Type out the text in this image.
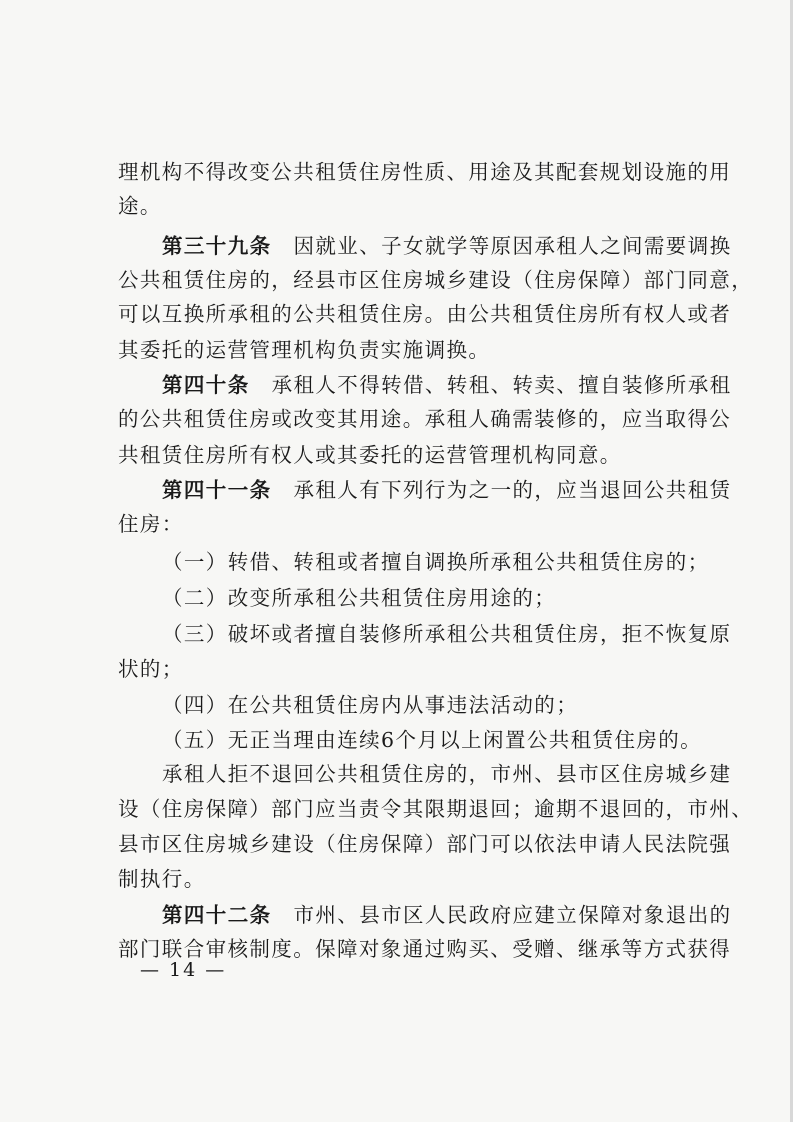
理机构不得改变公共租赁住房性质、用途及其配套规划设施的用
途。
第三十九条 因就业、子女就学等原因承租人之间需要调换
公共租赁住房的，经县市区住房城乡建设（住房保障）部门同意，
可以互换所承租的公共租赁住房。由公共租赁住房所有权人或者
其委托的运营管理机构负责实施调换。
第四十条 承租人不得转借、转租、转卖、擅自装修所承租
的公共租赁住房或改变其用途。承租人确需装修的，应当取得公
共租赁住房所有权人或其委托的运营管理机构同意。
第四十一条 承租人有下列行为之一的，应当退回公共租赁
住房：
（一）转借、转租或者擅自调换所承租公共租赁住房的；
（二）改变所承租公共租赁住房用途的；
（三）破坏或者擅自装修所承租公共租赁住房，拒不恢复原
状的；
（四）在公共租赁住房内从事违法活动的；
（五）无正当理由连续6个月以上闲置公共租赁住房的。
承租人拒不退回公共租赁住房的，市州、县市区住房城乡建
设（住房保障）部门应当责令其限期退回；逾期不退回的，市州、
县市区住房城乡建设（住房保障）部门可以依法申请人民法院强
制执行。
第四十二条 市州、县市区人民政府应建立保障对象退出的
部门联合审核制度。保障对象通过购买、受赠、继承等方式获得
— 14 —
